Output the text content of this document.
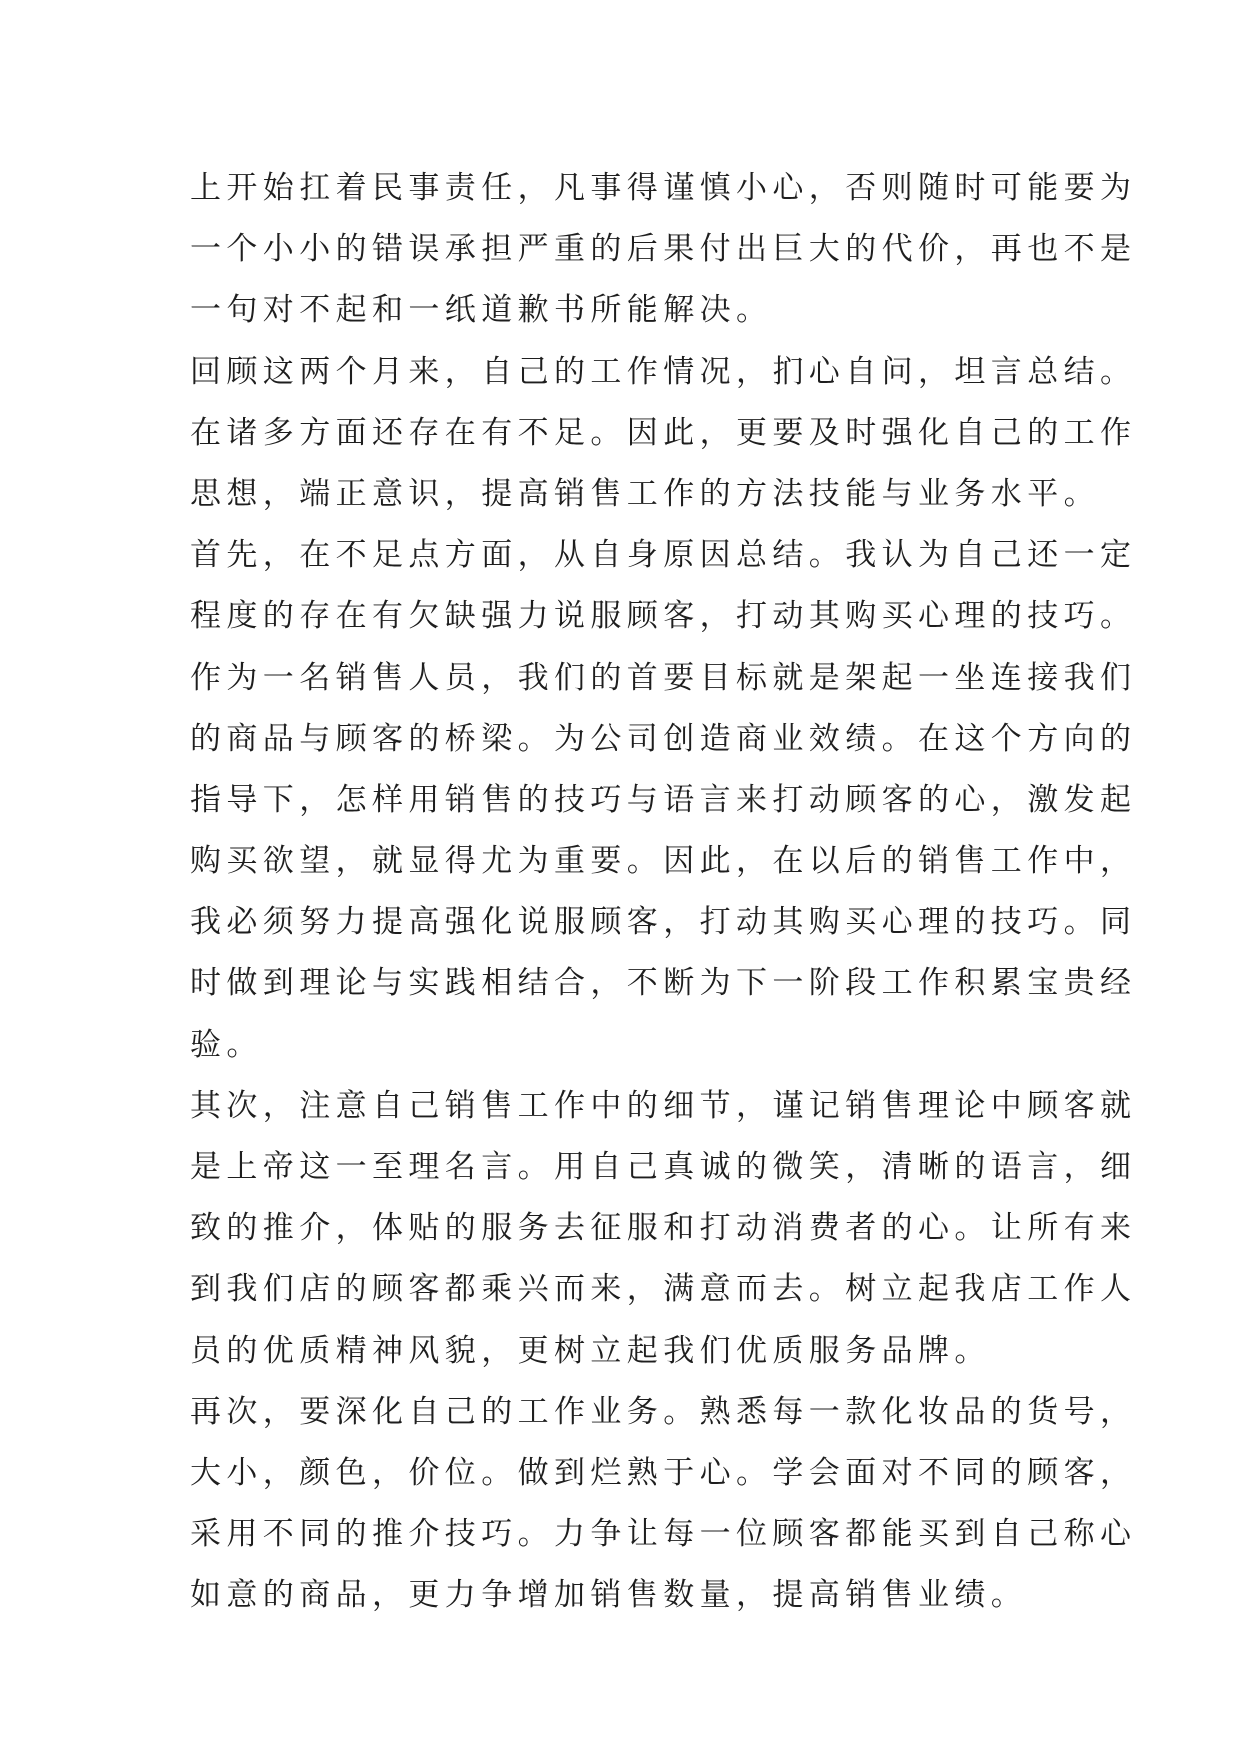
上开始扛着民事责任，凡事得谨慎小心，否则随时可能要为
一个小小的错误承担严重的后果付出巨大的代价，再也不是
一句对不起和一纸道歉书所能解决。
回顾这两个月来，自己的工作情况，扪心自问，坦言总结。
在诸多方面还存在有不足。因此，更要及时强化自己的工作
思想，端正意识，提高销售工作的方法技能与业务水平。
首先，在不足点方面，从自身原因总结。我认为自己还一定
程度的存在有欠缺强力说服顾客，打动其购买心理的技巧。
作为一名销售人员，我们的首要目标就是架起一坐连接我们
的商品与顾客的桥梁。为公司创造商业效绩。在这个方向的
指导下，怎样用销售的技巧与语言来打动顾客的心，激发起
购买欲望，就显得尤为重要。因此，在以后的销售工作中，
我必须努力提高强化说服顾客，打动其购买心理的技巧。同
时做到理论与实践相结合，不断为下一阶段工作积累宝贵经
验。
其次，注意自己销售工作中的细节，谨记销售理论中顾客就
是上帝这一至理名言。用自己真诚的微笑，清晰的语言，细
致的推介，体贴的服务去征服和打动消费者的心。让所有来
到我们店的顾客都乘兴而来，满意而去。树立起我店工作人
员的优质精神风貌，更树立起我们优质服务品牌。
再次，要深化自己的工作业务。熟悉每一款化妆品的货号，
大小，颜色，价位。做到烂熟于心。学会面对不同的顾客，
采用不同的推介技巧。力争让每一位顾客都能买到自己称心
如意的商品，更力争增加销售数量，提高销售业绩。
